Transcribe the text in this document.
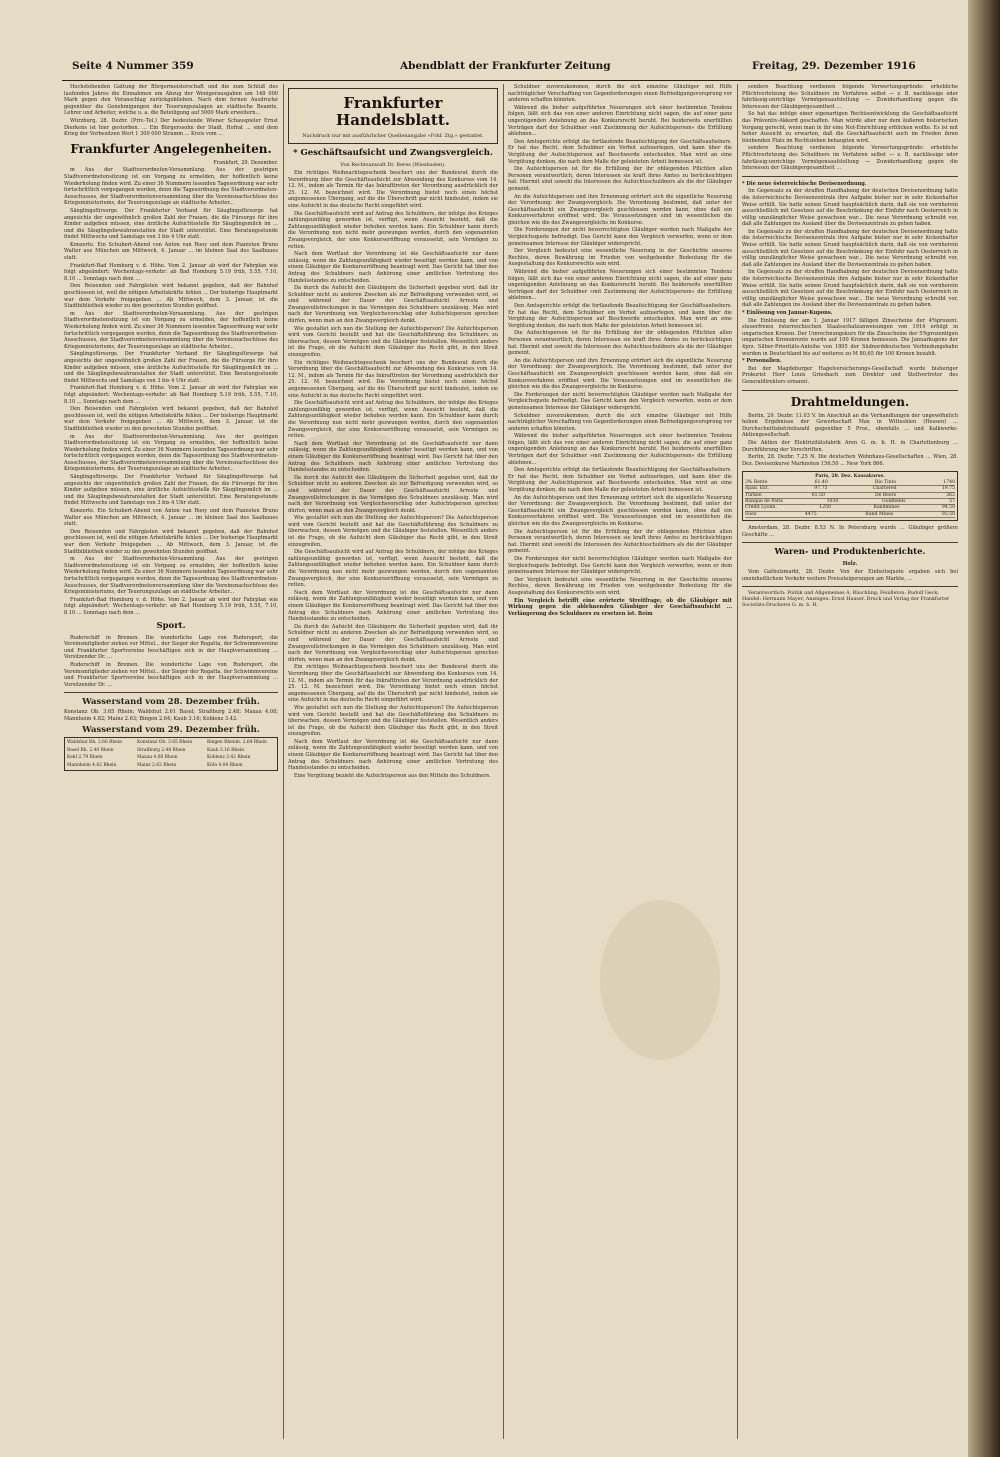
Seite 4 Nummer 359	Abendblatt der Frankfurter Zeitung	Freitag, 29. Dezember 1916

Hochstehenden Gattung der Bürgermeisterschaft und die zum Schluß des laufenden Jahres die Einnahmen um Abzug der Wenigerausgaben um 148 000 Mark gegen den Voranschlag zurückgeblieben. Nach dem fernen Ausdrucke gegenüber die Genehmigungen der Teuerungszulagen an städtische Beamte, Lehrer und Arbeiter, welche u. a. die Beteiligung auf 5000 Mark erweitern...

Würzburg, 28. Dezbr. (Priv.-Tel.) Der bedeutende Wiener Schauspieler Ernst Dierkens ist hier gestorben. ... Ein Bürgerssohn der Stadt, Hofrat ... sind dem Krieg der Vorbesitzen Wert 1 300 000 Stramm ... Kreis vom ...

Frankfurter Angelegenheiten.

Frankfurt, 29. Dezember.

m Aus der Stadtverordneten-Versammlung. Aus der gestrigen Stadtverordnetensitzung ist ein Vorgang zu ermelden, der hoffentlich keine Wiederholung finden wird. Zu einer 36 Nummern lesenden Tagesordnung war sehr fortschrittlich vorgegangen worden, denn die Tagesordnung des Stadtverordneten-Ausschusses, der Stadtverordnetenversammlung über die Vereinsnachschüsse des Kriegsministeriums, der Teuerungszulage an städtische Arbeiter...

Sänglingsfürsorge. Der Frankfurter Verband für Säuglingsfürsorge hat angesichts der ungewöhnlich großen Zahl der Frauen, die die Fürsorge für ihre Kinder aufgeben müssen, eine ärztliche Aufsichtsstelle für Säuglingsmilch im ... und die Säuglingsbewahranstalten der Stadt unterstützt. Eine Beratungsstunde findet Mittwochs und Samstags von 3 bis 4 Uhr statt.

Konzerte. Ein Schubert-Abend von Anton van Rooy und dem Pianisten Bruno Walter aus München am Mittwoch, 4. Januar ... im kleinen Saal des Saalbaues statt.

Frankfurt-Bad Homburg v. d. Höhe. Vom 2. Januar ab wird der Fahrplan wie folgt abgeändert: Wochentags-verkehr: ab Bad Homburg 5.19 früh, 5.55, 7.10, 8.10 ... Sonntags nach dem ...

Den Reisenden und Fahrgästen wird bekannt gegeben, daß der Bahnhof geschlossen ist, weil die nötigen Arbeitskräfte fehlen ... Der bisherige Hauptmarkt war dem Verkehr freigegeben ... Ab Mittwoch, dem 3. Januar, ist die Stadtbibliothek wieder zu den gewohnten Stunden geöffnet.

m Aus der Stadtverordneten-Versammlung. Aus der gestrigen Stadtverordnetensitzung ist ein Vorgang zu ermelden, der hoffentlich keine Wiederholung finden wird. Zu einer 36 Nummern lesenden Tagesordnung war sehr fortschrittlich vorgegangen worden, denn die Tagesordnung des Stadtverordneten-Ausschusses, der Stadtverordnetenversammlung über die Vereinsnachschüsse des Kriegsministeriums, der Teuerungszulage an städtische Arbeiter...

Sänglingsfürsorge. Der Frankfurter Verband für Säuglingsfürsorge hat angesichts der ungewöhnlich großen Zahl der Frauen, die die Fürsorge für ihre Kinder aufgeben müssen, eine ärztliche Aufsichtsstelle für Säuglingsmilch im ... und die Säuglingsbewahranstalten der Stadt unterstützt. Eine Beratungsstunde findet Mittwochs und Samstags von 3 bis 4 Uhr statt.

Frankfurt-Bad Homburg v. d. Höhe. Vom 2. Januar ab wird der Fahrplan wie folgt abgeändert: Wochentags-verkehr: ab Bad Homburg 5.19 früh, 5.55, 7.10, 8.10 ... Sonntags nach dem ...

Den Reisenden und Fahrgästen wird bekannt gegeben, daß der Bahnhof geschlossen ist, weil die nötigen Arbeitskräfte fehlen ... Der bisherige Hauptmarkt war dem Verkehr freigegeben ... Ab Mittwoch, dem 3. Januar, ist die Stadtbibliothek wieder zu den gewohnten Stunden geöffnet.

m Aus der Stadtverordneten-Versammlung. Aus der gestrigen Stadtverordnetensitzung ist ein Vorgang zu ermelden, der hoffentlich keine Wiederholung finden wird. Zu einer 36 Nummern lesenden Tagesordnung war sehr fortschrittlich vorgegangen worden, denn die Tagesordnung des Stadtverordneten-Ausschusses, der Stadtverordnetenversammlung über die Vereinsnachschüsse des Kriegsministeriums, der Teuerungszulage an städtische Arbeiter...

Sänglingsfürsorge. Der Frankfurter Verband für Säuglingsfürsorge hat angesichts der ungewöhnlich großen Zahl der Frauen, die die Fürsorge für ihre Kinder aufgeben müssen, eine ärztliche Aufsichtsstelle für Säuglingsmilch im ... und die Säuglingsbewahranstalten der Stadt unterstützt. Eine Beratungsstunde findet Mittwochs und Samstags von 3 bis 4 Uhr statt.

Konzerte. Ein Schubert-Abend von Anton van Rooy und dem Pianisten Bruno Walter aus München am Mittwoch, 4. Januar ... im kleinen Saal des Saalbaues statt.

Den Reisenden und Fahrgästen wird bekannt gegeben, daß der Bahnhof geschlossen ist, weil die nötigen Arbeitskräfte fehlen ... Der bisherige Hauptmarkt war dem Verkehr freigegeben ... Ab Mittwoch, dem 3. Januar, ist die Stadtbibliothek wieder zu den gewohnten Stunden geöffnet.

m Aus der Stadtverordneten-Versammlung. Aus der gestrigen Stadtverordnetensitzung ist ein Vorgang zu ermelden, der hoffentlich keine Wiederholung finden wird. Zu einer 36 Nummern lesenden Tagesordnung war sehr fortschrittlich vorgegangen worden, denn die Tagesordnung des Stadtverordneten-Ausschusses, der Stadtverordnetenversammlung über die Vereinsnachschüsse des Kriegsministeriums, der Teuerungszulage an städtische Arbeiter...

Frankfurt-Bad Homburg v. d. Höhe. Vom 2. Januar ab wird der Fahrplan wie folgt abgeändert: Wochentags-verkehr: ab Bad Homburg 5.19 früh, 5.55, 7.10, 8.10 ... Sonntags nach dem ...

Sport.

Ruderschiff in Bremen. Die wunderliche Lage von Rudersport, die Vereinsmitglieder ziehen vor Mittel... der Sieger der Regatta, der Schwimmvereine und Frankfurter Sportvereine beschäftigen sich in der Hauptversammlung ... Vorsitzender Dr. ...

Ruderschiff in Bremen. Die wunderliche Lage von Rudersport, die Vereinsmitglieder ziehen vor Mittel... der Sieger der Regatta, der Schwimmvereine und Frankfurter Sportvereine beschäftigen sich in der Hauptversammlung ... Vorsitzender Dr. ...

Wasserstand vom 28. Dezember früh.

Konstanz Ob. 3.65 Rhein; Waldshut 2.61 Basel; Straßburg 2.48; Maxau 4.08; Mannheim 4.82; Mainz 2.63; Bingen 2.64; Kaub 3.16; Koblenz 3.42.

Wasserstand vom 29. Dezember früh.
Waldshut Rh. 2.66 Rhein	Konstanz Ob. 3.65 Rhein	Bingen Rheinb. 2.64 Rhein
Basel Rh. 2.40 Rhein	Straßburg 2.48 Rhein	Kaub 3.16 Rhein
Kehl 2.79 Rhein	Maxau 4.08 Rhein	Koblenz 3.42 Rhein
Mannheim 4.82 Rhein	Mainz 2.63 Rhein	Köln 4.04 Rhein
Frankfurter Handelsblatt.
Nachdruck nur mit ausführlicher Quellenangabe »Frkf. Ztg.« gestattet.
* Geschäftsaufsicht und Zwangsvergleich.
Von Rechtsanwalt Dr. Beres (Wiesbaden).

Ein richtiges Weihnachtsgeschenk beschert uns der Bundesrat durch die Verordnung über die Geschäftsaufsicht zur Abwendung des Konkurses vom 14. 12. M., indem als Termin für das Inkrafttreten der Verordnung ausdrücklich der 25. 12. M. bezeichnet wird. Die Verordnung bietet noch einen höchst angemessenen Übergang, auf die die Überschrift gar nicht hindeutet, indem sie eine Aufsicht in das deutsche Recht eingeführt wird.

Die Geschäftsaufsicht wird auf Antrag des Schuldners, der infolge des Krieges zahlungsunfähig geworden ist, verfügt, wenn Aussicht besteht, daß die Zahlungsunfähigkeit wieder behoben werden kann. Ein Schuldner kann durch die Verordnung nun nicht mehr gezwungen werden, durch den sogenannten Zwangsvergleich, der eine Konkurseröffnung voraussetzt, sein Vermögen zu retten.

Nach dem Wortlaut der Verordnung ist die Geschäftsaufsicht nur dann zulässig, wenn die Zahlungsunfähigkeit wieder beseitigt werden kann, und von einem Gläubiger die Konkurseröffnung beantragt wird. Das Gericht hat über den Antrag des Schuldners nach Anhörung einer amtlichen Vertretung des Handelsstandes zu entscheiden.

Da durch die Aufsicht den Gläubigern die Sicherheit gegeben wird, daß ihr Schuldner nicht zu anderen Zwecken als zur Befriedigung verwenden wird, so sind während der Dauer der Geschäftsaufsicht Arreste und Zwangsvollstreckungen in das Vermögen des Schuldners unzulässig. Man wird nach der Verordnung von Vergleichsvorschlag oder Aufsichtsperson sprechen dürfen, wenn man an den Zwangsvergleich denkt.

Wie gestaltet sich nun die Stellung der Aufsichtsperson? Die Aufsichtsperson wird vom Gericht bestellt und hat die Geschäftsführung des Schuldners zu überwachen, dessen Vermögen und die Gläubiger feststellen. Wesentlich anders ist die Frage, ob die Aufsicht dem Gläubiger das Recht gibt, in den Streit einzugreifen.

Ein richtiges Weihnachtsgeschenk beschert uns der Bundesrat durch die Verordnung über die Geschäftsaufsicht zur Abwendung des Konkurses vom 14. 12. M., indem als Termin für das Inkrafttreten der Verordnung ausdrücklich der 25. 12. M. bezeichnet wird. Die Verordnung bietet noch einen höchst angemessenen Übergang, auf die die Überschrift gar nicht hindeutet, indem sie eine Aufsicht in das deutsche Recht eingeführt wird.

Die Geschäftsaufsicht wird auf Antrag des Schuldners, der infolge des Krieges zahlungsunfähig geworden ist, verfügt, wenn Aussicht besteht, daß die Zahlungsunfähigkeit wieder behoben werden kann. Ein Schuldner kann durch die Verordnung nun nicht mehr gezwungen werden, durch den sogenannten Zwangsvergleich, der eine Konkurseröffnung voraussetzt, sein Vermögen zu retten.

Nach dem Wortlaut der Verordnung ist die Geschäftsaufsicht nur dann zulässig, wenn die Zahlungsunfähigkeit wieder beseitigt werden kann, und von einem Gläubiger die Konkurseröffnung beantragt wird. Das Gericht hat über den Antrag des Schuldners nach Anhörung einer amtlichen Vertretung des Handelsstandes zu entscheiden.

Da durch die Aufsicht den Gläubigern die Sicherheit gegeben wird, daß ihr Schuldner nicht zu anderen Zwecken als zur Befriedigung verwenden wird, so sind während der Dauer der Geschäftsaufsicht Arreste und Zwangsvollstreckungen in das Vermögen des Schuldners unzulässig. Man wird nach der Verordnung von Vergleichsvorschlag oder Aufsichtsperson sprechen dürfen, wenn man an den Zwangsvergleich denkt.

Wie gestaltet sich nun die Stellung der Aufsichtsperson? Die Aufsichtsperson wird vom Gericht bestellt und hat die Geschäftsführung des Schuldners zu überwachen, dessen Vermögen und die Gläubiger feststellen. Wesentlich anders ist die Frage, ob die Aufsicht dem Gläubiger das Recht gibt, in den Streit einzugreifen.

Die Geschäftsaufsicht wird auf Antrag des Schuldners, der infolge des Krieges zahlungsunfähig geworden ist, verfügt, wenn Aussicht besteht, daß die Zahlungsunfähigkeit wieder behoben werden kann. Ein Schuldner kann durch die Verordnung nun nicht mehr gezwungen werden, durch den sogenannten Zwangsvergleich, der eine Konkurseröffnung voraussetzt, sein Vermögen zu retten.

Nach dem Wortlaut der Verordnung ist die Geschäftsaufsicht nur dann zulässig, wenn die Zahlungsunfähigkeit wieder beseitigt werden kann, und von einem Gläubiger die Konkurseröffnung beantragt wird. Das Gericht hat über den Antrag des Schuldners nach Anhörung einer amtlichen Vertretung des Handelsstandes zu entscheiden.

Da durch die Aufsicht den Gläubigern die Sicherheit gegeben wird, daß ihr Schuldner nicht zu anderen Zwecken als zur Befriedigung verwenden wird, so sind während der Dauer der Geschäftsaufsicht Arreste und Zwangsvollstreckungen in das Vermögen des Schuldners unzulässig. Man wird nach der Verordnung von Vergleichsvorschlag oder Aufsichtsperson sprechen dürfen, wenn man an den Zwangsvergleich denkt.

Ein richtiges Weihnachtsgeschenk beschert uns der Bundesrat durch die Verordnung über die Geschäftsaufsicht zur Abwendung des Konkurses vom 14. 12. M., indem als Termin für das Inkrafttreten der Verordnung ausdrücklich der 25. 12. M. bezeichnet wird. Die Verordnung bietet noch einen höchst angemessenen Übergang, auf die die Überschrift gar nicht hindeutet, indem sie eine Aufsicht in das deutsche Recht eingeführt wird.

Wie gestaltet sich nun die Stellung der Aufsichtsperson? Die Aufsichtsperson wird vom Gericht bestellt und hat die Geschäftsführung des Schuldners zu überwachen, dessen Vermögen und die Gläubiger feststellen. Wesentlich anders ist die Frage, ob die Aufsicht dem Gläubiger das Recht gibt, in den Streit einzugreifen.

Nach dem Wortlaut der Verordnung ist die Geschäftsaufsicht nur dann zulässig, wenn die Zahlungsunfähigkeit wieder beseitigt werden kann, und von einem Gläubiger die Konkurseröffnung beantragt wird. Das Gericht hat über den Antrag des Schuldners nach Anhörung einer amtlichen Vertretung des Handelsstandes zu entscheiden.

Eine Vergütung bezieht die Aufsichtsperson aus den Mitteln des Schuldners.

Schuldner zuvorzukommen, durch die sich einzelne Gläubiger mit Hilfe nachträglicher Verschaffung von Gegenforderungen einen Befriedigungsvorsprung vor anderen schaffen könnten.

Während die bisher aufgeführten Neuerungen sich einer bestimmten Tendenz folgen, läßt sich das von einer anderen Einrichtung nicht sagen, die auf einer ganz ungenügenden Anlehnung an das Konkursrecht beruht. Bei beiderseits unerfüllten Verträgen darf der Schuldner »mit Zustimmung der Aufsichtsperson« die Erfüllung ablehnen...

Den Amtsgerichte erfolgt die fortlaufende Beaufsichtigung der Geschäftsaufsehers. Er hat das Recht, dem Schuldner ein Verbot aufzuerlegen, und kann über die Vergütung der Aufsichtsperson auf Beschwerde entscheiden. Man wird an eine Vergütung denken, die nach dem Maße der geleisteten Arbeit bemessen ist.

Die Aufsichtsperson ist für die Erfüllung der ihr obliegenden Pflichten allen Personen verantwortlich, deren Interessen sie kraft ihres Amtes zu berücksichtigen hat. Hiermit sind sowohl die Interessen des Aufsichtsschuldners als die der Gläubiger gemeint.

An die Aufsichtsperson und ihre Ernennung erörtert sich die eigentliche Neuerung der Verordnung: der Zwangsvergleich. Die Verordnung bestimmt, daß unter der Geschäftsaufsicht ein Zwangsvergleich geschlossen werden kann, ohne daß ein Konkursverfahren eröffnet wird. Die Voraussetzungen sind im wesentlichen die gleichen wie die des Zwangsvergleichs im Konkurse.

Die Forderungen der nicht bevorrechtigten Gläubiger werden nach Maßgabe der Vergleichsquote befriedigt. Das Gericht kann den Vergleich verwerfen, wenn er dem gemeinsamen Interesse der Gläubiger widerspricht.

Der Vergleich bedeutet eine wesentliche Neuerung in der Geschichte unseres Rechtes, deren Bewährung im Frieden von weitgehender Bedeutung für die Ausgestaltung des Konkursrechts sein wird.

Während die bisher aufgeführten Neuerungen sich einer bestimmten Tendenz folgen, läßt sich das von einer anderen Einrichtung nicht sagen, die auf einer ganz ungenügenden Anlehnung an das Konkursrecht beruht. Bei beiderseits unerfüllten Verträgen darf der Schuldner »mit Zustimmung der Aufsichtsperson« die Erfüllung ablehnen...

Den Amtsgerichte erfolgt die fortlaufende Beaufsichtigung der Geschäftsaufsehers. Er hat das Recht, dem Schuldner ein Verbot aufzuerlegen, und kann über die Vergütung der Aufsichtsperson auf Beschwerde entscheiden. Man wird an eine Vergütung denken, die nach dem Maße der geleisteten Arbeit bemessen ist.

Die Aufsichtsperson ist für die Erfüllung der ihr obliegenden Pflichten allen Personen verantwortlich, deren Interessen sie kraft ihres Amtes zu berücksichtigen hat. Hiermit sind sowohl die Interessen des Aufsichtsschuldners als die der Gläubiger gemeint.

An die Aufsichtsperson und ihre Ernennung erörtert sich die eigentliche Neuerung der Verordnung: der Zwangsvergleich. Die Verordnung bestimmt, daß unter der Geschäftsaufsicht ein Zwangsvergleich geschlossen werden kann, ohne daß ein Konkursverfahren eröffnet wird. Die Voraussetzungen sind im wesentlichen die gleichen wie die des Zwangsvergleichs im Konkurse.

Die Forderungen der nicht bevorrechtigten Gläubiger werden nach Maßgabe der Vergleichsquote befriedigt. Das Gericht kann den Vergleich verwerfen, wenn er dem gemeinsamen Interesse der Gläubiger widerspricht.

Schuldner zuvorzukommen, durch die sich einzelne Gläubiger mit Hilfe nachträglicher Verschaffung von Gegenforderungen einen Befriedigungsvorsprung vor anderen schaffen könnten.

Während die bisher aufgeführten Neuerungen sich einer bestimmten Tendenz folgen, läßt sich das von einer anderen Einrichtung nicht sagen, die auf einer ganz ungenügenden Anlehnung an das Konkursrecht beruht. Bei beiderseits unerfüllten Verträgen darf der Schuldner »mit Zustimmung der Aufsichtsperson« die Erfüllung ablehnen...

Den Amtsgerichte erfolgt die fortlaufende Beaufsichtigung der Geschäftsaufsehers. Er hat das Recht, dem Schuldner ein Verbot aufzuerlegen, und kann über die Vergütung der Aufsichtsperson auf Beschwerde entscheiden. Man wird an eine Vergütung denken, die nach dem Maße der geleisteten Arbeit bemessen ist.

An die Aufsichtsperson und ihre Ernennung erörtert sich die eigentliche Neuerung der Verordnung: der Zwangsvergleich. Die Verordnung bestimmt, daß unter der Geschäftsaufsicht ein Zwangsvergleich geschlossen werden kann, ohne daß ein Konkursverfahren eröffnet wird. Die Voraussetzungen sind im wesentlichen die gleichen wie die des Zwangsvergleichs im Konkurse.

Die Aufsichtsperson ist für die Erfüllung der ihr obliegenden Pflichten allen Personen verantwortlich, deren Interessen sie kraft ihres Amtes zu berücksichtigen hat. Hiermit sind sowohl die Interessen des Aufsichtsschuldners als die der Gläubiger gemeint.

Die Forderungen der nicht bevorrechtigten Gläubiger werden nach Maßgabe der Vergleichsquote befriedigt. Das Gericht kann den Vergleich verwerfen, wenn er dem gemeinsamen Interesse der Gläubiger widerspricht.

Der Vergleich bedeutet eine wesentliche Neuerung in der Geschichte unseres Rechtes, deren Bewährung im Frieden von weitgehender Bedeutung für die Ausgestaltung des Konkursrechts sein wird.

Ein Vergleich betrifft eine erörterte Streitfrage; ob die Gläubiger mit Wirkung gegen die ablehnenden Gläubiger der Geschäftsaufsicht ... Verlängerung des Schuldners zu ersetzen ist. Beim

sondere Beachtung verdienen folgende Verwertungsgründe: erhebliche Pflichtverletzung des Schuldners im Verfahren selbst — z. B. nachlässige oder fahrlässig-unrichtige Vermögensaufstellung — Zuwiderhandlung gegen die Interessen der Gläubigergesamtheit ...

So hat das infolge einer eigenartigen Rechtsentwicklung die Geschäftsaufsicht das Präventiv-Akkord geschaffen. Man würde aber nur dem äußeren historischen Vorgang gerecht, wenn man in ihr eine Not-Einrichtung erblicken wollte. Es ist mit hoher Aussicht zu erwarten, daß die Geschäftsaufsicht auch im Frieden ihren bleibenden Platz im Rechtsleben behaupten wird.

sondere Beachtung verdienen folgende Verwertungsgründe: erhebliche Pflichtverletzung des Schuldners im Verfahren selbst — z. B. nachlässige oder fahrlässig-unrichtige Vermögensaufstellung — Zuwiderhandlung gegen die Interessen der Gläubigergesamtheit ...

* Die neue österreichische Devisenordnung.

Im Gegensatz zu der straffen Handhabung der deutschen Devisenordnung hatte die österreichische Devisenzentrale ihre Aufgabe bisher nur in sehr lückenhafter Weise erfüllt. Sie hatte seinen Grund hauptsächlich darin, daß sie von vornherein ausschließlich mit Gesetzen auf die Beschränkung der Einfuhr nach Oesterreich in völlig unzulänglicher Weise gewachsen war... Die neue Verordnung schreibt vor, daß alle Zahlungen ins Ausland über die Devisenzentrale zu gehen haben.

Im Gegensatz zu der straffen Handhabung der deutschen Devisenordnung hatte die österreichische Devisenzentrale ihre Aufgabe bisher nur in sehr lückenhafter Weise erfüllt. Sie hatte seinen Grund hauptsächlich darin, daß sie von vornherein ausschließlich mit Gesetzen auf die Beschränkung der Einfuhr nach Oesterreich in völlig unzulänglicher Weise gewachsen war... Die neue Verordnung schreibt vor, daß alle Zahlungen ins Ausland über die Devisenzentrale zu gehen haben.

Im Gegensatz zu der straffen Handhabung der deutschen Devisenordnung hatte die österreichische Devisenzentrale ihre Aufgabe bisher nur in sehr lückenhafter Weise erfüllt. Sie hatte seinen Grund hauptsächlich darin, daß sie von vornherein ausschließlich mit Gesetzen auf die Beschränkung der Einfuhr nach Oesterreich in völlig unzulänglicher Weise gewachsen war... Die neue Verordnung schreibt vor, daß alle Zahlungen ins Ausland über die Devisenzentrale zu gehen haben.

* Einlösung von Januar-Kupons.

Die Einlösung der am 1. Januar 1917 fälligen Zinsscheine der 4%prozent. steuerfreien österreichischen Staatsschatzanweisungen von 1914 erfolgt in ungarischen Kronen. Der Umrechnungskurs für die Zinsscheine der 5%prozentigen ungarischen Kronenrente wurde auf 100 Kronen bemessen. Die Januarkupons der 4prz. Silber-Prioritäts-Anleihe von 1895 der Südnorddeutschen Verbindungsbahn werden in Deutschland bis auf weiteres zu M 80,65 für 100 Kronen bezahlt.

* Personalien.

Bei der Magdeburger Hagelversicherungs-Gesellschaft wurde bisheriger Prokurist Herr Louis Griesbach zum Direktor und Stellvertreter des Generaldirektors ernannt.

Drahtmeldungen.

Berlin, 29. Dezbr. 11.03 V. Im Anschluß an die Verhandlungen der ungewöhnlich hohen Ergebnisse der Gewerkschaft Max in Witteshlen (Hessen) ... Durchschnittsbetriebszahl gegenüber 5 Proz., ebenfalls ... und Kalkwerke-Aktiengesellschaft.

Die Aktien der Elektrizitätsfabrik Aren G. m. b. H. in Charlottenburg ... Durchführung der Vorschriften.

Berlin, 28. Dezbr. 7.25 N. Die deutschen Wohnhaus-Gesellschaften ... Wien, 28. Dez. Devisenkurse Marknoten 156.50 ... New York 866.

Paris, 28. Dez. Kassakurse.
3% Rente	61.40	Rio Tinto	1740
Span. Ext.	97.75	Chartered	19.75
Türken	61.50	De Beers	362
Banque de Paris	1030	Goldfields	57
Crédit Lyonn.	1250	Randmines	94.50
Suez	4475	Rand Mines	93.50

Amsterdam, 28. Dezbr. 8.53 N. In Petersburg wurde ... Gläubiger größere Geschäfte ...

Waren- und Produktenberichte.

Holz.

Vom Gatholzmarkt, 28. Dezbr. Von der Einheitsquote ergaben sich bei uneinheitlichem Verkehr weitere Preissteigerungen am Markte, ...

Verantwortlich: Politik und Allgemeines A. Rüschling; Feuilleton: Rudolf Geck; Handel: Hermann Mayer; Anzeigen: Ernst Hauser. Druck und Verlag der Frankfurter Societäts-Druckerei G. m. b. H.
